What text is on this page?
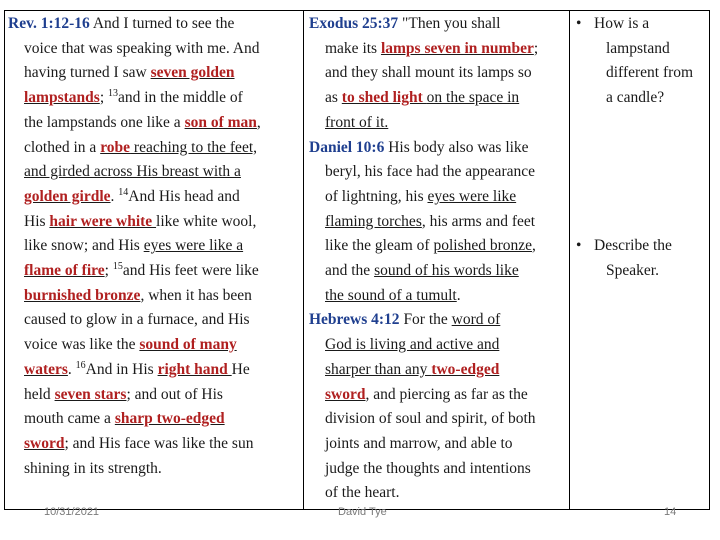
Rev. 1:12-16 And I turned to see the
voice that was speaking with me. And
having turned I saw seven golden
lampstands; $^{13}$and in the middle of
the lampstands one like a son of man,
clothed in a robe reaching to the feet,
and girded across His breast with a
golden girdle. $^{14}$And His head and
His hair were white like white wool,
like snow; and His eyes were like a
flame of fire; $^{15}$and His feet were like
burnished bronze, when it has been
caused to glow in a furnace, and His
voice was like the sound of many
waters. $^{16}$And in His right hand He
held seven stars; and out of His
mouth came a sharp two-edged
sword; and His face was like the sun
shining in its strength.
Exodus 25:37 "Then you shall
make its lamps seven in number;
and they shall mount its lamps so
as to shed light on the space in
front of it.
Daniel 10:6 His body also was like
beryl, his face had the appearance
of lightning, his eyes were like
flaming torches, his arms and feet
like the gleam of polished bronze,
and the sound of his words like
the sound of a tumult.
Hebrews 4:12 For the word of
God is living and active and
sharper than any two-edged
sword, and piercing as far as the
division of soul and spirit, of both
joints and marrow, and able to
judge the thoughts and intentions
of the heart.
• How is a
lampstand
different from
a candle?
• Describe the
Speaker.
10/31/2021	David Tye	14
